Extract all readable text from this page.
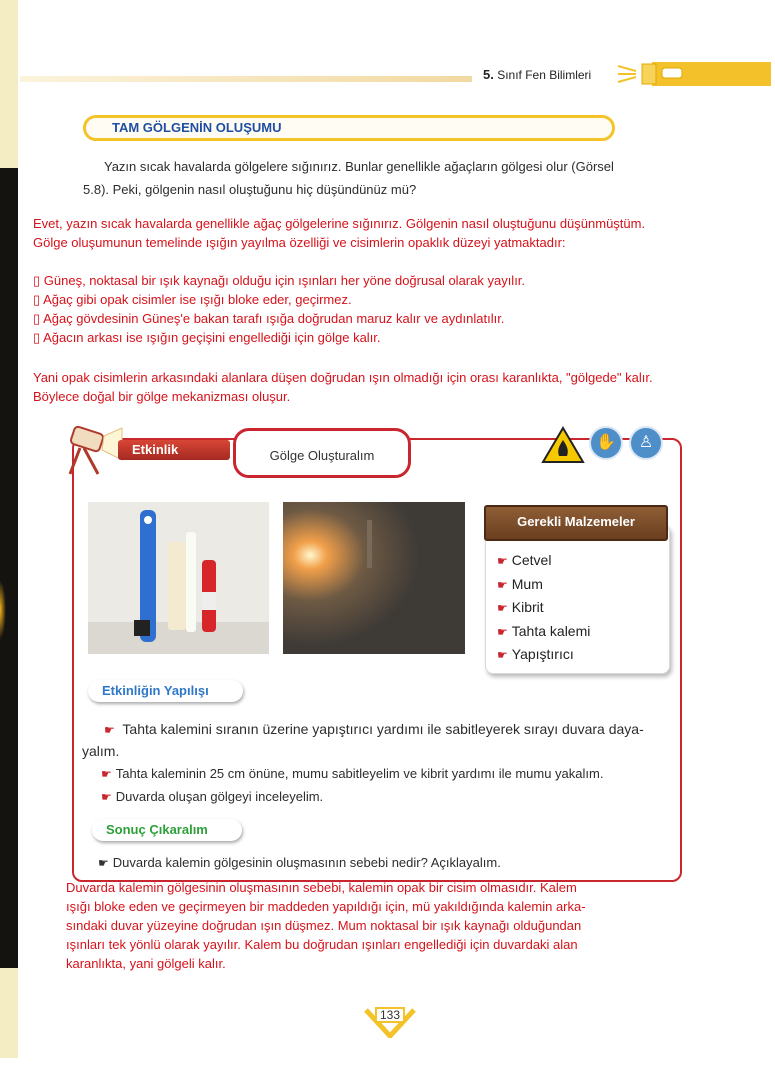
5. Sınıf Fen Bilimleri
TAM GÖLGENİN OLUŞUMU
Yazın sıcak havalarda gölgelere sığınırız. Bunlar genellikle ağaçların gölgesi olur (Görsel
5.8). Peki, gölgenin nasıl oluştuğunu hiç düşündünüz mü?
Evet, yazın sıcak havalarda genellikle ağaç gölgelerine sığınırız. Gölgenin nasıl oluştuğunu düşünmüştüm.
Gölge oluşumunun temelinde ışığın yayılma özelliği ve cisimlerin opaklık düzeyi yatmaktadır:
▯ Güneş, noktasal bir ışık kaynağı olduğu için ışınları her yöne doğrusal olarak yayılır.
▯ Ağaç gibi opak cisimler ise ışığı bloke eder, geçirmez.
▯ Ağaç gövdesinin Güneş'e bakan tarafı ışığa doğrudan maruz kalır ve aydınlatılır.
▯ Ağacın arkası ise ışığın geçişini engellediği için gölge kalır.
Yani opak cisimlerin arkasındaki alanlara düşen doğrudan ışın olmadığı için orası karanlıkta, "gölgede" kalır.
Böylece doğal bir gölge mekanizması oluşur.
Etkinlik	Gölge Oluşturalım
✋	♙
Gerekli Malzemeler
☛ Cetvel
☛ Mum
☛ Kibrit
☛ Tahta kalemi
☛ Yapıştırıcı
Etkinliğin Yapılışı
☛ Tahta kalemini sıranın üzerine yapıştırıcı yardımı ile sabitleyerek sırayı duvara daya-
yalım.
☛ Tahta kaleminin 25 cm önüne, mumu sabitleyelim ve kibrit yardımı ile mumu yakalım.
☛ Duvarda oluşan gölgeyi inceleyelim.
Sonuç Çıkaralım
☛ Duvarda kalemin gölgesinin oluşmasının sebebi nedir? Açıklayalım.
Duvarda kalemin gölgesinin oluşmasının sebebi, kalemin opak bir cisim olmasıdır. Kalem
ışığı bloke eden ve geçirmeyen bir maddeden yapıldığı için, mü yakıldığında kalemin arka-
sındaki duvar yüzeyine doğrudan ışın düşmez. Mum noktasal bir ışık kaynağı olduğundan
ışınları tek yönlü olarak yayılır. Kalem bu doğrudan ışınları engellediği için duvardaki alan
karanlıkta, yani gölgeli kalır.
133
